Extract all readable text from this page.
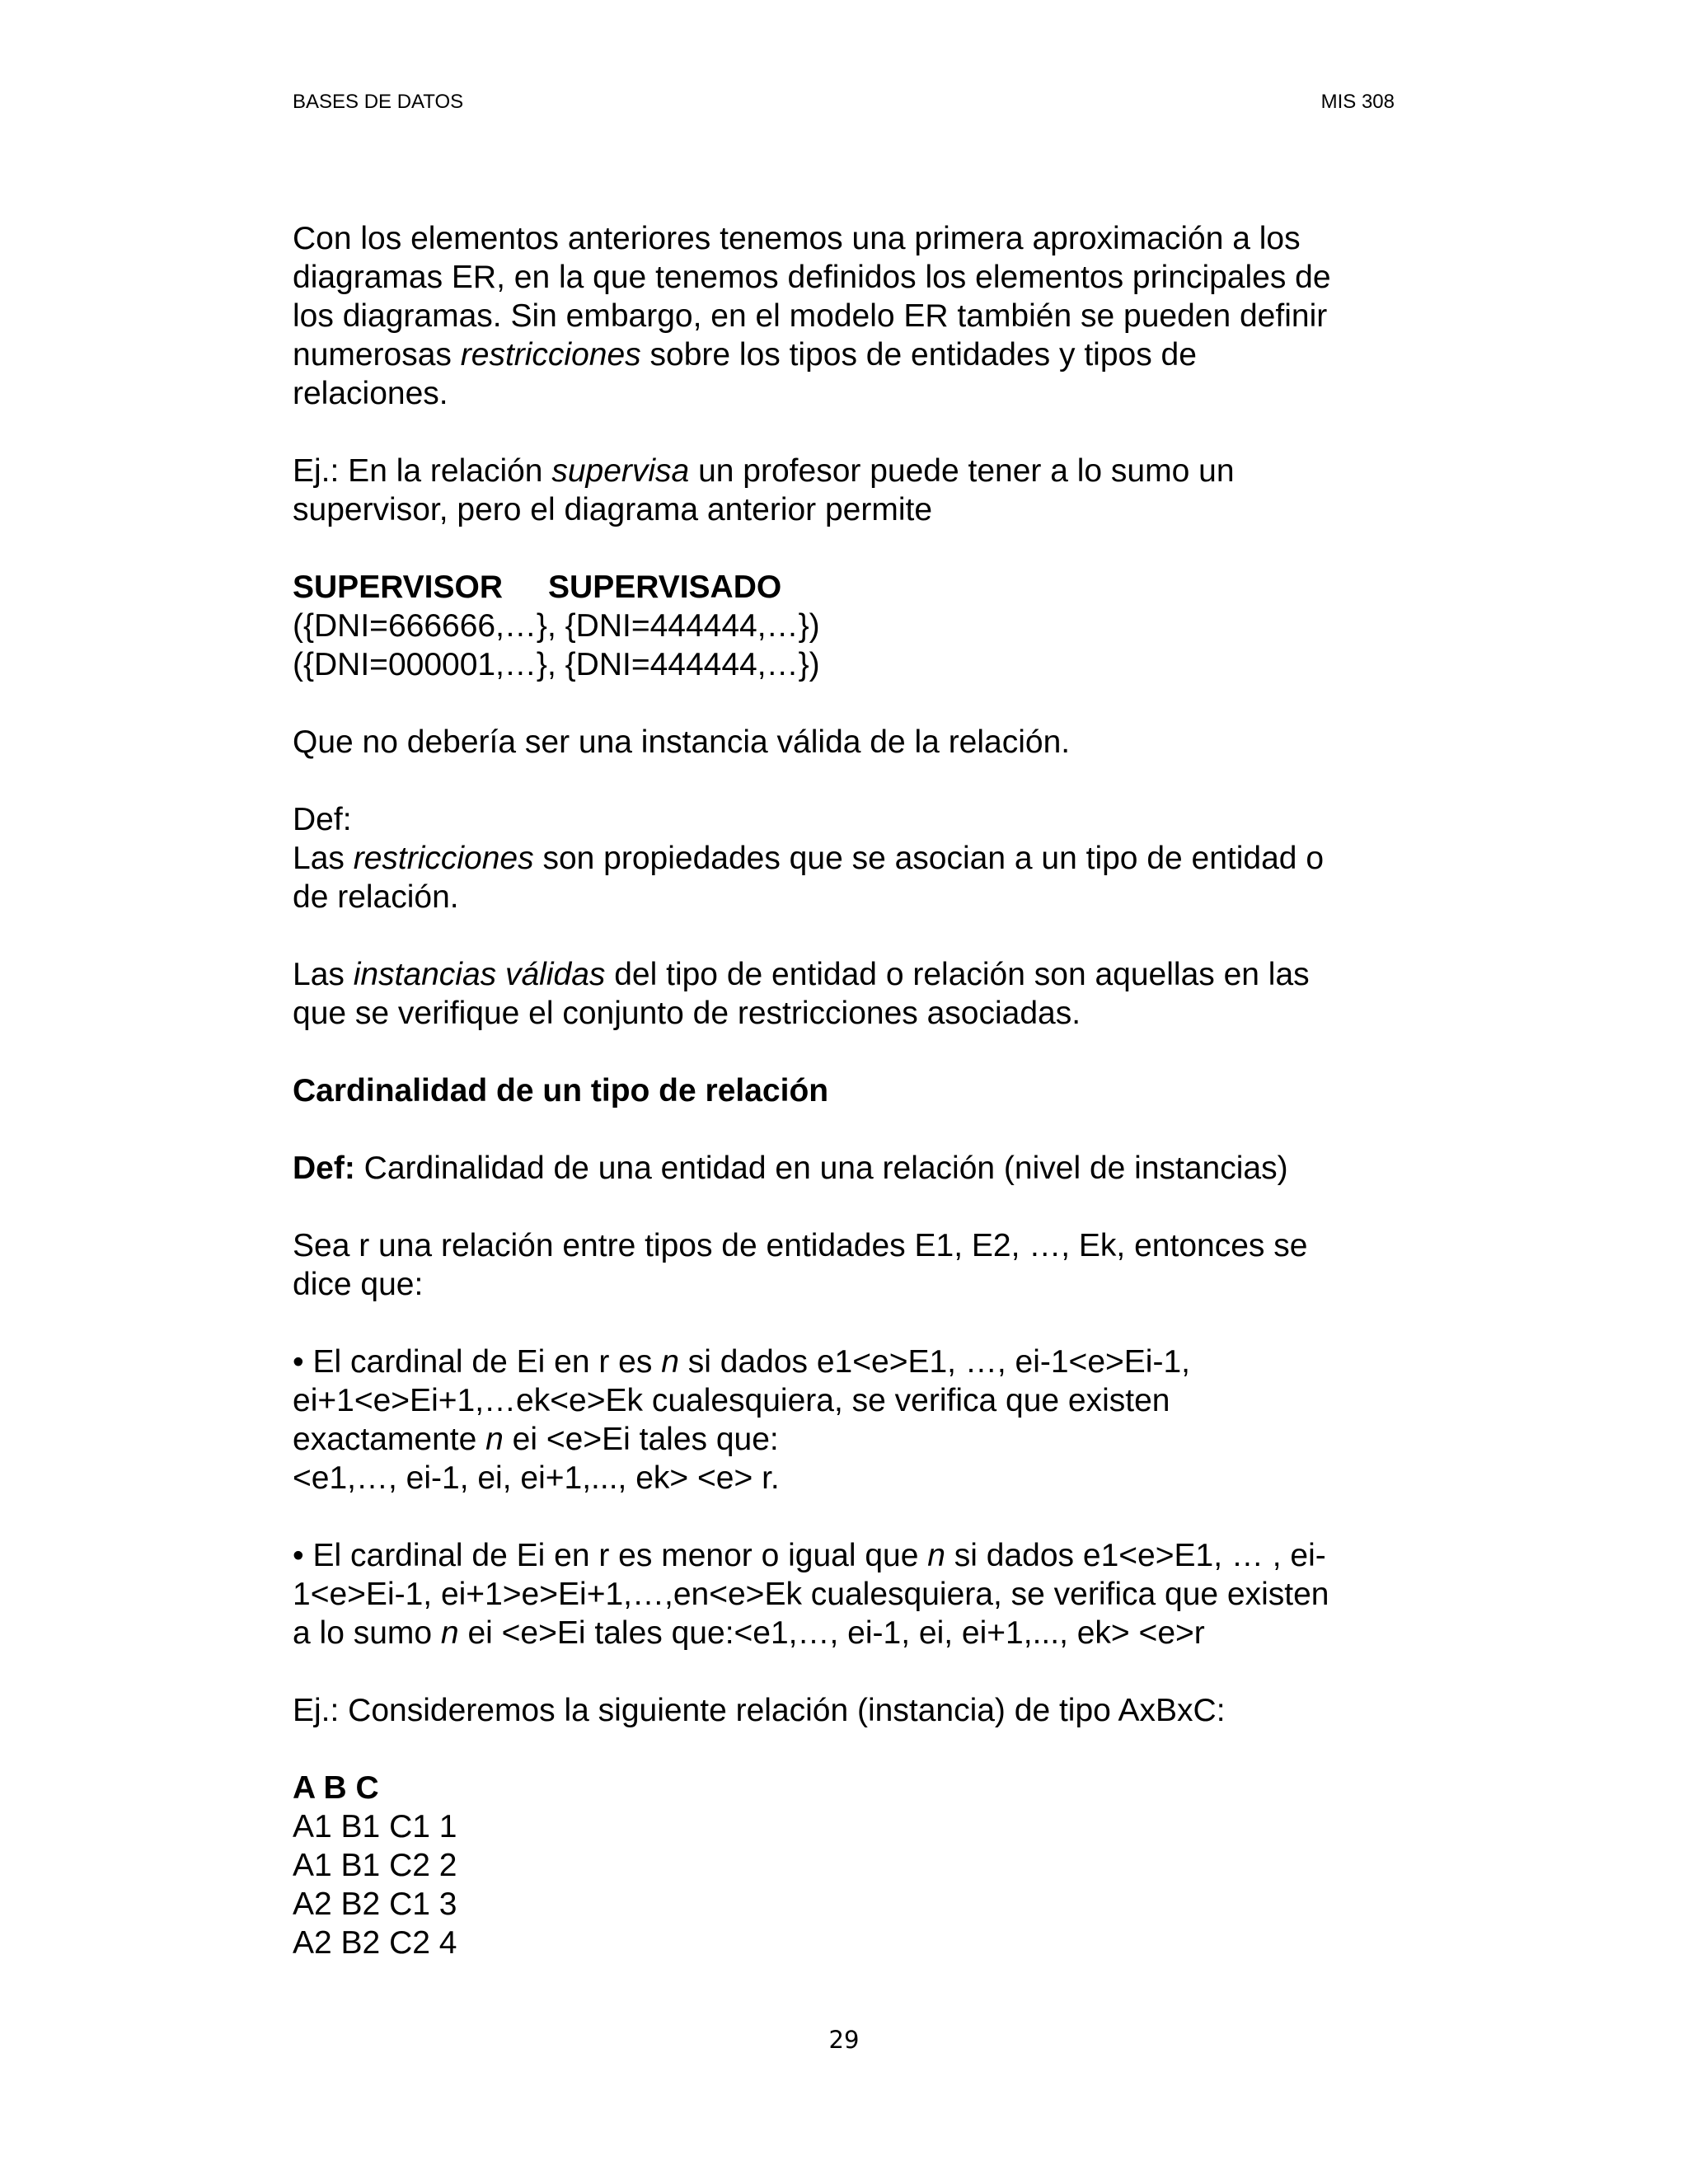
BASES DE DATOS	MIS 308

Con los elementos anteriores tenemos una primera aproximación a los

diagramas ER, en la que tenemos definidos los elementos principales de

los diagramas. Sin embargo, en el modelo ER también se pueden definir

numerosas restricciones sobre los tipos de entidades y tipos de

relaciones.

Ej.: En la relación supervisa un profesor puede tener a lo sumo un

supervisor, pero el diagrama anterior permite

SUPERVISOR SUPERVISADO

({DNI=666666,…}, {DNI=444444,…})

({DNI=000001,…}, {DNI=444444,…})

Que no debería ser una instancia válida de la relación.

Def:

Las restricciones son propiedades que se asocian a un tipo de entidad o

de relación.

Las instancias válidas del tipo de entidad o relación son aquellas en las

que se verifique el conjunto de restricciones asociadas.

Cardinalidad de un tipo de relación

Def: Cardinalidad de una entidad en una relación (nivel de instancias)

Sea r una relación entre tipos de entidades E1, E2, …, Ek, entonces se

dice que:

• El cardinal de Ei en r es n si dados e1<e>E1, …, ei-1<e>Ei-1,

ei+1<e>Ei+1,…ek<e>Ek cualesquiera, se verifica que existen

exactamente n ei <e>Ei tales que:

<e1,…, ei-1, ei, ei+1,..., ek> <e> r.

• El cardinal de Ei en r es menor o igual que n si dados e1<e>E1, … , ei-

1<e>Ei-1, ei+1>e>Ei+1,…,en<e>Ek cualesquiera, se verifica que existen

a lo sumo n ei <e>Ei tales que:<e1,…, ei-1, ei, ei+1,..., ek> <e>r

Ej.: Consideremos la siguiente relación (instancia) de tipo AxBxC:

A B C

A1 B1 C1 1

A1 B1 C2 2

A2 B2 C1 3

A2 B2 C2 4

29
